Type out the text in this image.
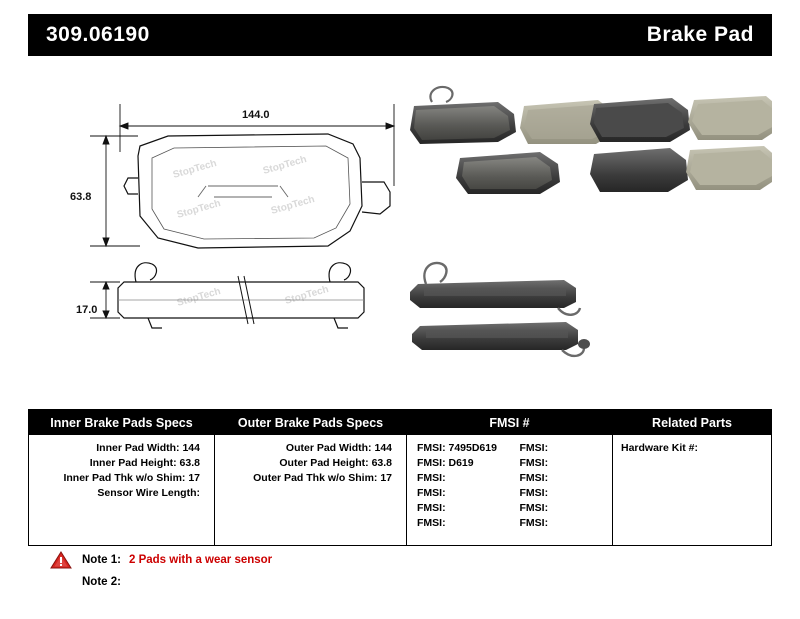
309.06190	Brake Pad
144.0
63.8
17.0
StopTech	StopTech
StopTech	StopTech
StopTech	StopTech
Inner Brake Pads Specs
Inner Pad Width: 144
Inner Pad Height: 63.8
Inner Pad Thk w/o Shim: 17
Sensor Wire Length:
Outer Brake Pads Specs
Outer Pad Width: 144
Outer Pad Height: 63.8
Outer Pad Thk w/o Shim: 17
FMSI #
FMSI: 7495D619
FMSI: D619
FMSI:
FMSI:
FMSI:
FMSI:
FMSI:
FMSI:
FMSI:
FMSI:
FMSI:
FMSI:
Related Parts
Hardware Kit #:
Note 1: 2 Pads with a wear sensor
Note 2:
